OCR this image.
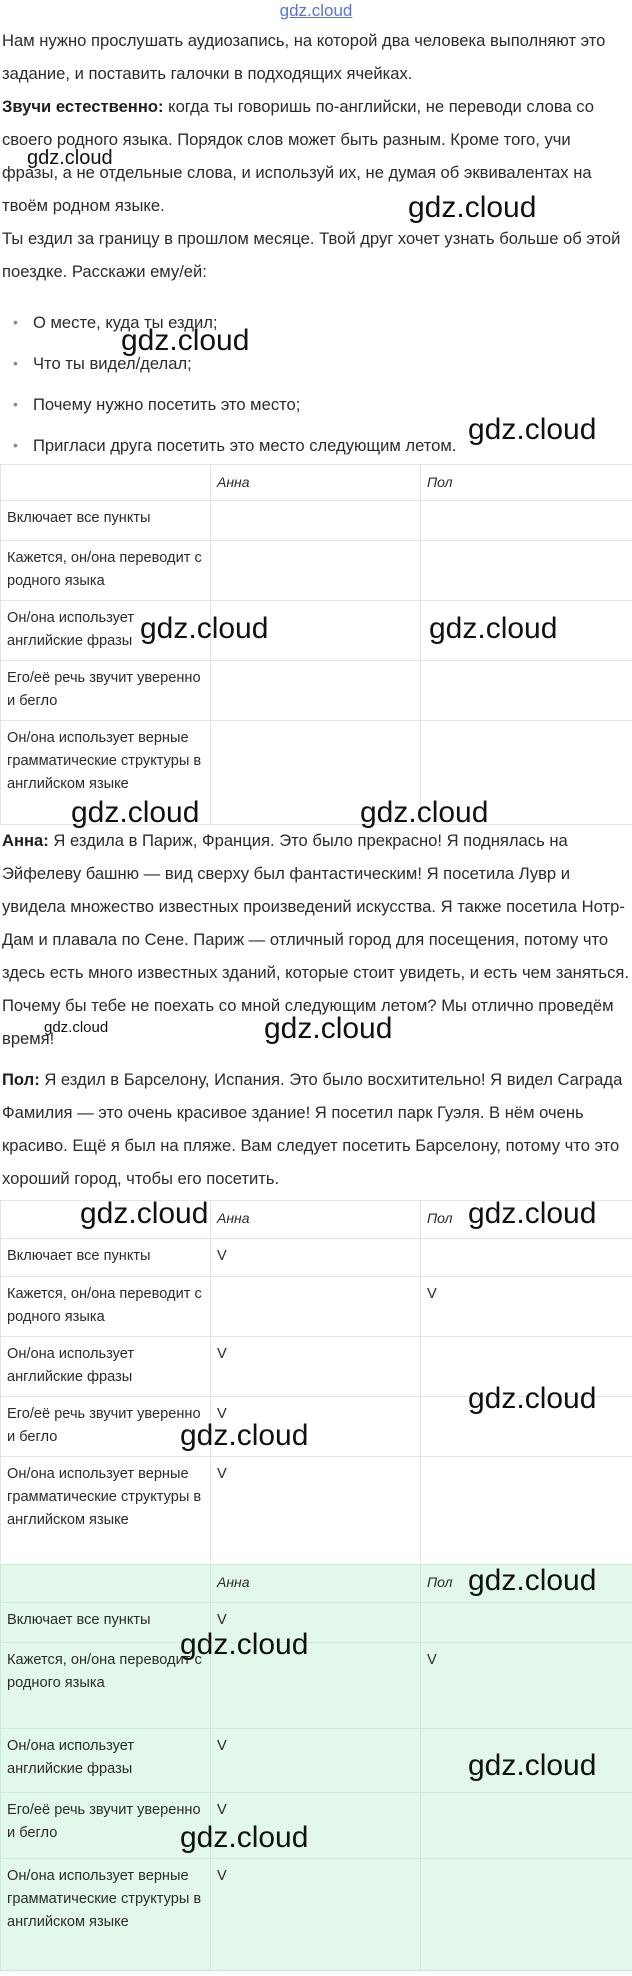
gdz.cloud

Нам нужно прослушать аудиозапись, на которой два человека выполняют это задание, и поставить галочки в подходящих ячейках.

Звучи естественно: когда ты говоришь по-английски, не переводи слова со своего родного языка. Порядок слов может быть разным. Кроме того, учи фразы, а не отдельные слова, и используй их, не думая об эквивалентах на твоём родном языке.

Ты ездил за границу в прошлом месяце. Твой друг хочет узнать больше об этой поездке. Расскажи ему/ей:

• О месте, куда ты ездил;
• Что ты видел/делал;
• Почему нужно посетить это место;
• Пригласи друга посетить это место следующим летом.
	Анна	Пол
Включает все пункты		
Кажется, он/она переводит с родного языка		
Он/она использует английские фразы		
Его/её речь звучит уверенно и бегло		
Он/она использует верные грамматические структуры в английском языке		

Анна: Я ездила в Париж, Франция. Это было прекрасно! Я поднялась на Эйфелеву башню — вид сверху был фантастическим! Я посетила Лувр и увидела множество известных произведений искусства. Я также посетила Нотр-Дам и плавала по Сене. Париж — отличный город для посещения, потому что здесь есть много известных зданий, которые стоит увидеть, и есть чем заняться. Почему бы тебе не поехать со мной следующим летом? Мы отлично проведём время!

Пол: Я ездил в Барселону, Испания. Это было восхитительно! Я видел Саграда Фамилия — это очень красивое здание! Я посетил парк Гуэля. В нём очень красиво. Ещё я был на пляже. Вам следует посетить Барселону, потому что это хороший город, чтобы его посетить.

	Анна	Пол
Включает все пункты	V	
Кажется, он/она переводит с родного языка		V
Он/она использует английские фразы	V	
Его/её речь звучит уверенно и бегло	V	
Он/она использует верные грамматические структуры в английском языке	V	
	Анна	Пол
Включает все пункты	V	
Кажется, он/она переводит с родного языка		V
Он/она использует английские фразы	V	
Его/её речь звучит уверенно и бегло	V	
Он/она использует верные грамматические структуры в английском языке	V	
gdz.cloud
gdz.cloud
gdz.cloud
gdz.cloud
gdz.cloud	gdz.cloud
gdz.cloud	gdz.cloud
gdz.cloud	gdz.cloud
gdz.cloud	gdz.cloud
gdz.cloud
gdz.cloud
gdz.cloud
gdz.cloud
gdz.cloud
gdz.cloud
